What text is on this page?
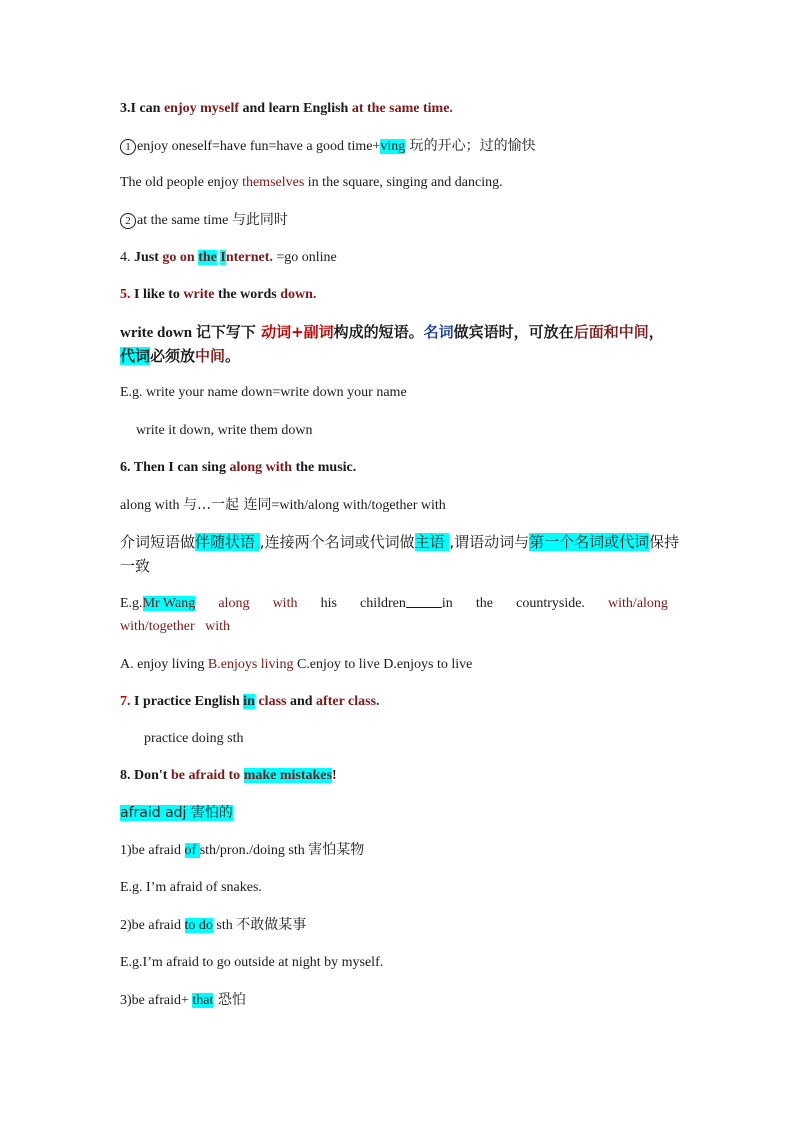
3.I can enjoy myself and learn English at the same time.
1 enjoy oneself=have fun=have a good time+ving 玩的开心；过的愉快
The old people enjoy themselves in the square, singing and dancing.
2 at the same time 与此同时
4. Just go on the Internet. =go online
5. I like to write the words down.
write down 记下写下 动词+副词构成的短语。名词做宾语时，可放在后面和中间，代词必须放中间。
E.g. write your name down=write down your name
write it down, write them down
6. Then I can sing along with the music.
along with 与…一起 连同=with/along with/together with
介词短语做伴随状语 ,连接两个名词或代词做主语 ,谓语动词与第一个名词或代词保持一致
E.g.Mr Wang along with his children	in the countryside. with/along
with/together with
A. enjoy living B.enjoys living C.enjoy to live D.enjoys to live
7. I practice English in class and after class.
practice doing sth
8. Don't be afraid to make mistakes!
afraid adj 害怕的
1)be afraid of sth/pron./doing sth 害怕某物
E.g. I’m afraid of snakes.
2)be afraid to do sth 不敢做某事
E.g.I’m afraid to go outside at night by myself.
3)be afraid+ that 恐怕
